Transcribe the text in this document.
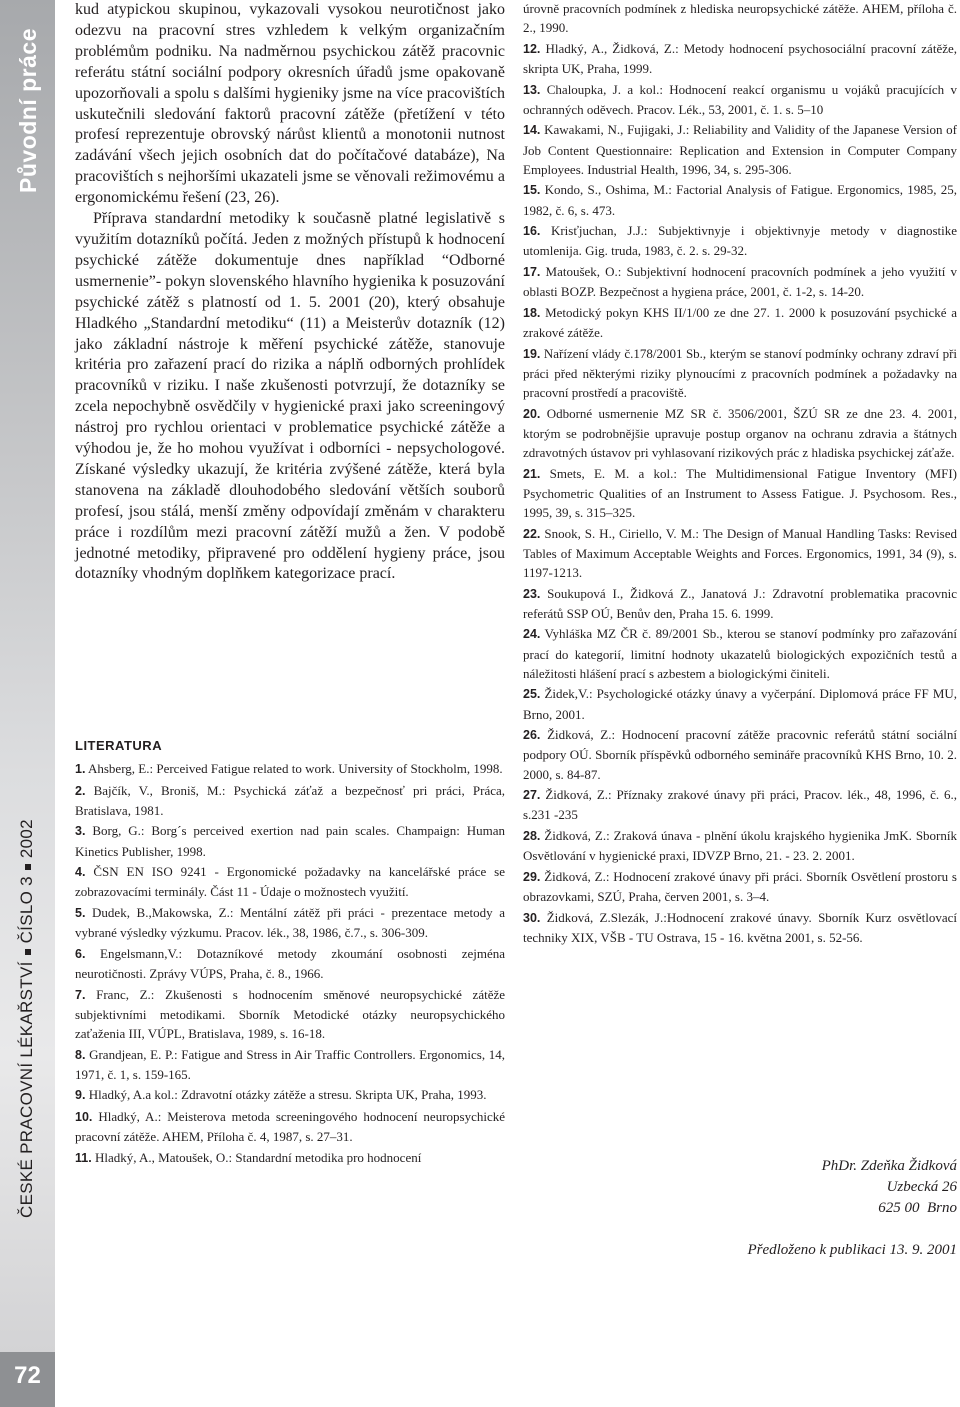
Původní práce
ČESKÉ PRACOVNÍ LÉKAŘSTVÍČÍSLO 32002
72

kud atypickou skupinou, vykazovali vysokou neurotičnost jako odezvu na pracovní stres vzhledem k velkým organizačním problémům podniku. Na nadměrnou psychickou zátěž pracovnic referátu státní sociální podpory okresních úřadů jsme opakovaně upozorňovali a spolu s dalšími hygieniky jsme na více pracovištích uskutečnili sledování faktorů pracovní zátěže (přetížení v této profesí reprezentuje obrovský nárůst klientů a monotonii nutnost zadávání všech jejich osobních dat do počítačové databáze), Na pracovištích s nejhoršími ukazateli jsme se věnovali režimovému a ergonomickému řešení (23, 26).

Příprava standardní metodiky k současně platné legislativě s využitím dotazníků počítá. Jeden z možných přístupů k hodnocení psychické zátěže dokumentuje dnes například “Odborné usmernenie”- pokyn slovenského hlavního hygienika k posuzování psychické zátěž s platností od 1. 5. 2001 (20), který obsahuje Hladkého „Standardní metodiku“ (11) a Meisterův dotazník (12) jako základní nástroje k měření psychické zátěže, stanovuje kritéria pro zařazení prací do rizika a náplň odborných prohlídek pracovníků v riziku. I naše zkušenosti potvrzují, že dotazníky se zcela nepochybně osvědčily v hygienické praxi jako screeningový nástroj pro rychlou orientaci v problematice psychické zátěže a výhodou je, že ho mohou využívat i odborníci - nepsychologové. Získané výsledky ukazují, že kritéria zvýšené zátěže, která byla stanovena na základě dlouhodobého sledování větších souborů profesí, jsou stálá, menší změny odpovídají změnám v charakteru práce i rozdílům mezi pracovní zátěží mužů a žen. V podobě jednotné metodiky, připravené pro oddělení hygieny práce, jsou dotazníky vhodným doplňkem kategorizace prací.

LITERATURA
1. Ahsberg, E.: Perceived Fatigue related to work. University of Stockholm, 1998.
2. Bajčík, V., Broniš, M.: Psychická záťaž a bezpečnosť pri práci, Práca, Bratislava, 1981.
3. Borg, G.: Borg´s perceived exertion nad pain scales. Champaign: Human Kinetics Publisher, 1998.
4. ČSN EN ISO 9241 - Ergonomické požadavky na kancelářské práce se zobrazovacími terminály. Část 11 - Údaje o možnostech využití.
5. Dudek, B.,Makowska, Z.: Mentální zátěž při práci - prezentace metody a vybrané výsledky výzkumu. Pracov. lék., 38, 1986, č.7., s. 306-309.
6. Engelsmann,V.: Dotazníkové metody zkoumání osobnosti zejména neurotičnosti. Zprávy VÚPS, Praha, č. 8., 1966.
7. Franc, Z.: Zkušenosti s hodnocením směnové neuropsychické zátěže subjektivními metodikami. Sborník Metodické otázky neuropsychického zaťaženia III, VÚPL, Bratislava, 1989, s. 16-18.
8. Grandjean, E. P.: Fatigue and Stress in Air Traffic Controllers. Ergonomics, 14, 1971, č. 1, s. 159-165.
9. Hladký, A.a kol.: Zdravotní otázky zátěže a stresu. Skripta UK, Praha, 1993.
10. Hladký, A.: Meisterova metoda screeningového hodnocení neuropsychické pracovní zátěže. AHEM, Příloha č. 4, 1987, s. 27–31.
11. Hladký, A., Matoušek, O.: Standardní metodika pro hodnocení

úrovně pracovních podmínek z hlediska neuropsychické zátěže. AHEM, příloha č. 2., 1990.

12. Hladký, A., Židková, Z.: Metody hodnocení psychosociální pracovní zátěže, skripta UK, Praha, 1999.
13. Chaloupka, J. a kol.: Hodnocení reakcí organismu u vojáků pracujících v ochranných oděvech. Pracov. Lék., 53, 2001, č. 1. s. 5–10
14. Kawakami, N., Fujigaki, J.: Reliability and Validity of the Japanese Version of Job Content Questionnaire: Replication and Extension in Computer Company Employees. Industrial Health, 1996, 34, s. 295-306.
15. Kondo, S., Oshima, M.: Factorial Analysis of Fatigue. Ergonomics, 1985, 25, 1982, č. 6, s. 473.
16. Krisťjuchan, J.J.: Subjektivnyje i objektivnyje metody v diagnostike utomlenija. Gig. truda, 1983, č. 2. s. 29-32.
17. Matoušek, O.: Subjektivní hodnocení pracovních podmínek a jeho využití v oblasti BOZP. Bezpečnost a hygiena práce, 2001, č. 1-2, s. 14-20.
18. Metodický pokyn KHS II/1/00 ze dne 27. 1. 2000 k posuzování psychické a zrakové zátěže.
19. Nařízení vlády č.178/2001 Sb., kterým se stanoví podmínky ochrany zdraví při práci před některými riziky plynoucími z pracovních podmínek a požadavky na pracovní prostředí a pracoviště.
20. Odborné usmernenie MZ SR č. 3506/2001, ŠZÚ SR ze dne 23. 4. 2001, ktorým se podrobnějšie upravuje postup organov na ochranu zdravia a štátnych zdravotných ústavov pri vyhlasovaní rizikových prác z hladiska psychickej záťaže.
21. Smets, E. M. a kol.: The Multidimensional Fatigue Inventory (MFI) Psychometric Qualities of an Instrument to Assess Fatigue. J. Psychosom. Res., 1995, 39, s. 315–325.
22. Snook, S. H., Ciriello, V. M.: The Design of Manual Handling Tasks: Revised Tables of Maximum Acceptable Weights and Forces. Ergonomics, 1991, 34 (9), s. 1197-1213.
23. Soukupová I., Židková Z., Janatová J.: Zdravotní problematika pracovnic referátů SSP OÚ, Benův den, Praha 15. 6. 1999.
24. Vyhláška MZ ČR č. 89/2001 Sb., kterou se stanoví podmínky pro zařazování prací do kategorií, limitní hodnoty ukazatelů biologických expozičních testů a náležitosti hlášení prací s azbestem a biologickými činiteli.
25. Židek,V.: Psychologické otázky únavy a vyčerpání. Diplomová práce FF MU, Brno, 2001.
26. Židková, Z.: Hodnocení pracovní zátěže pracovnic referátů státní sociální podpory OÚ. Sborník příspěvků odborného semináře pracovníků KHS Brno, 10. 2. 2000, s. 84-87.
27. Židková, Z.: Příznaky zrakové únavy při práci, Pracov. lék., 48, 1996, č. 6., s.231 -235
28. Židková, Z.: Zraková únava - plnění úkolu krajského hygienika JmK. Sborník Osvětlování v hygienické praxi, IDVZP Brno, 21. - 23. 2. 2001.
29. Židková, Z.: Hodnocení zrakové únavy při práci. Sborník Osvětlení prostoru s obrazovkami, SZÚ, Praha, červen 2001, s. 3–4.
30. Židková, Z.Slezák, J.:Hodnocení zrakové únavy. Sborník Kurz osvětlovací techniky XIX, VŠB - TU Ostrava, 15 - 16. května 2001, s. 52-56.
PhDr. Zdeňka Židková
Uzbecká 26
625 00  Brno
Předloženo k publikaci 13. 9. 2001
